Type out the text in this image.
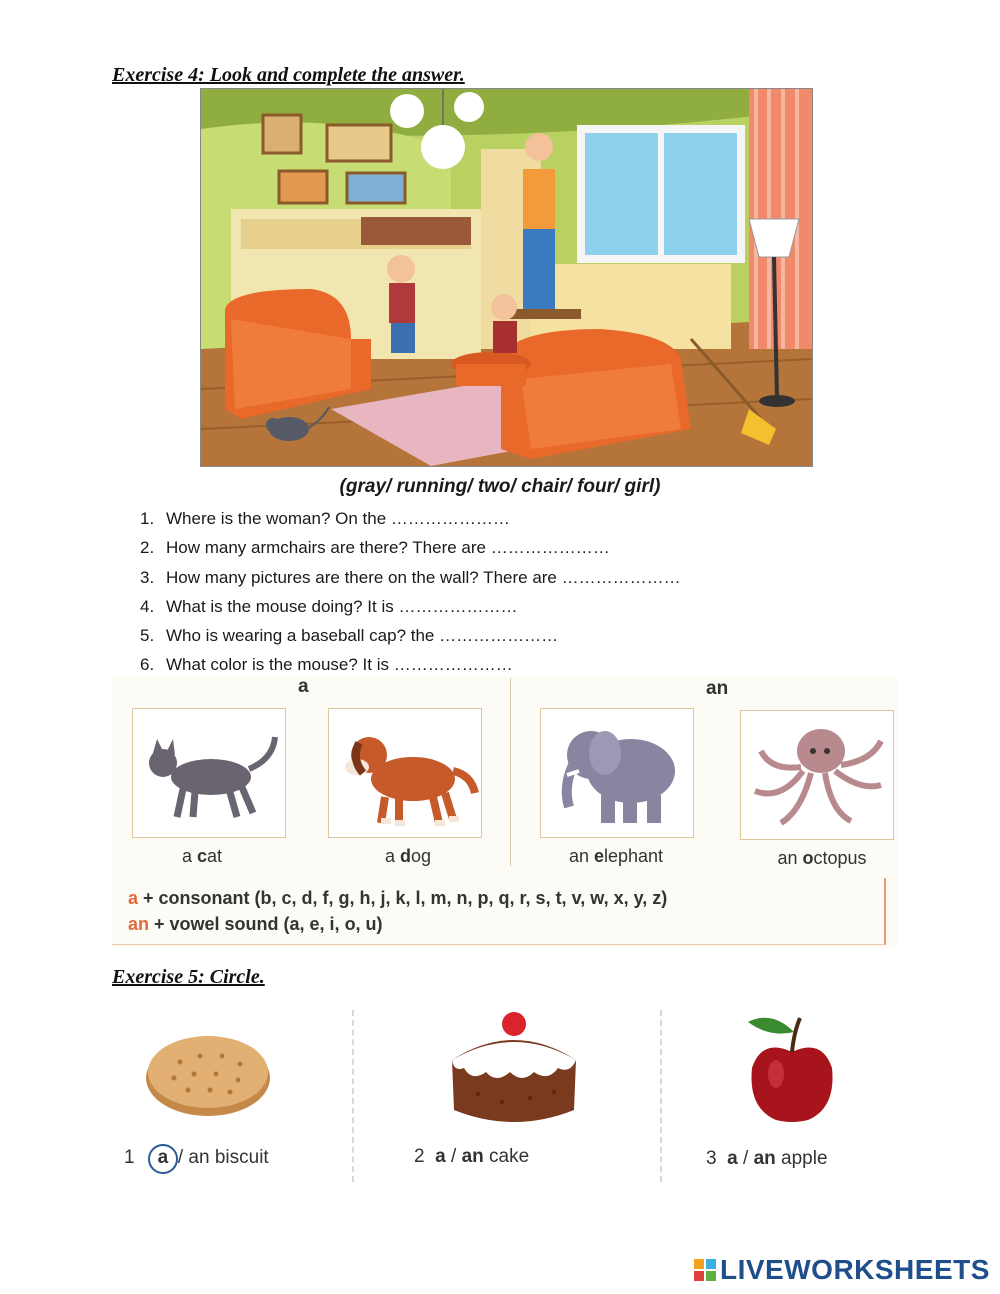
Exercise 4: Look and complete the answer.
(gray/ running/ two/ chair/ four/ girl)
1. Where is the woman? On the …………………
2. How many armchairs are there? There are …………………
3. How many pictures are there on the wall? There are …………………
4. What is the mouse doing? It is …………………
5. Who is wearing a baseball cap? the …………………
6. What color is the mouse? It is …………………
a	an
a cat	a dog	an elephant	an octopus
a + consonant (b, c, d, f, g, h, j, k, l, m, n, p, q, r, s, t, v, w, x, y, z)
an + vowel sound (a, e, i, o, u)
Exercise 5: Circle.
1 a / an biscuit	2 a / an cake	3 a / an apple
LIVEWORKSHEETS
